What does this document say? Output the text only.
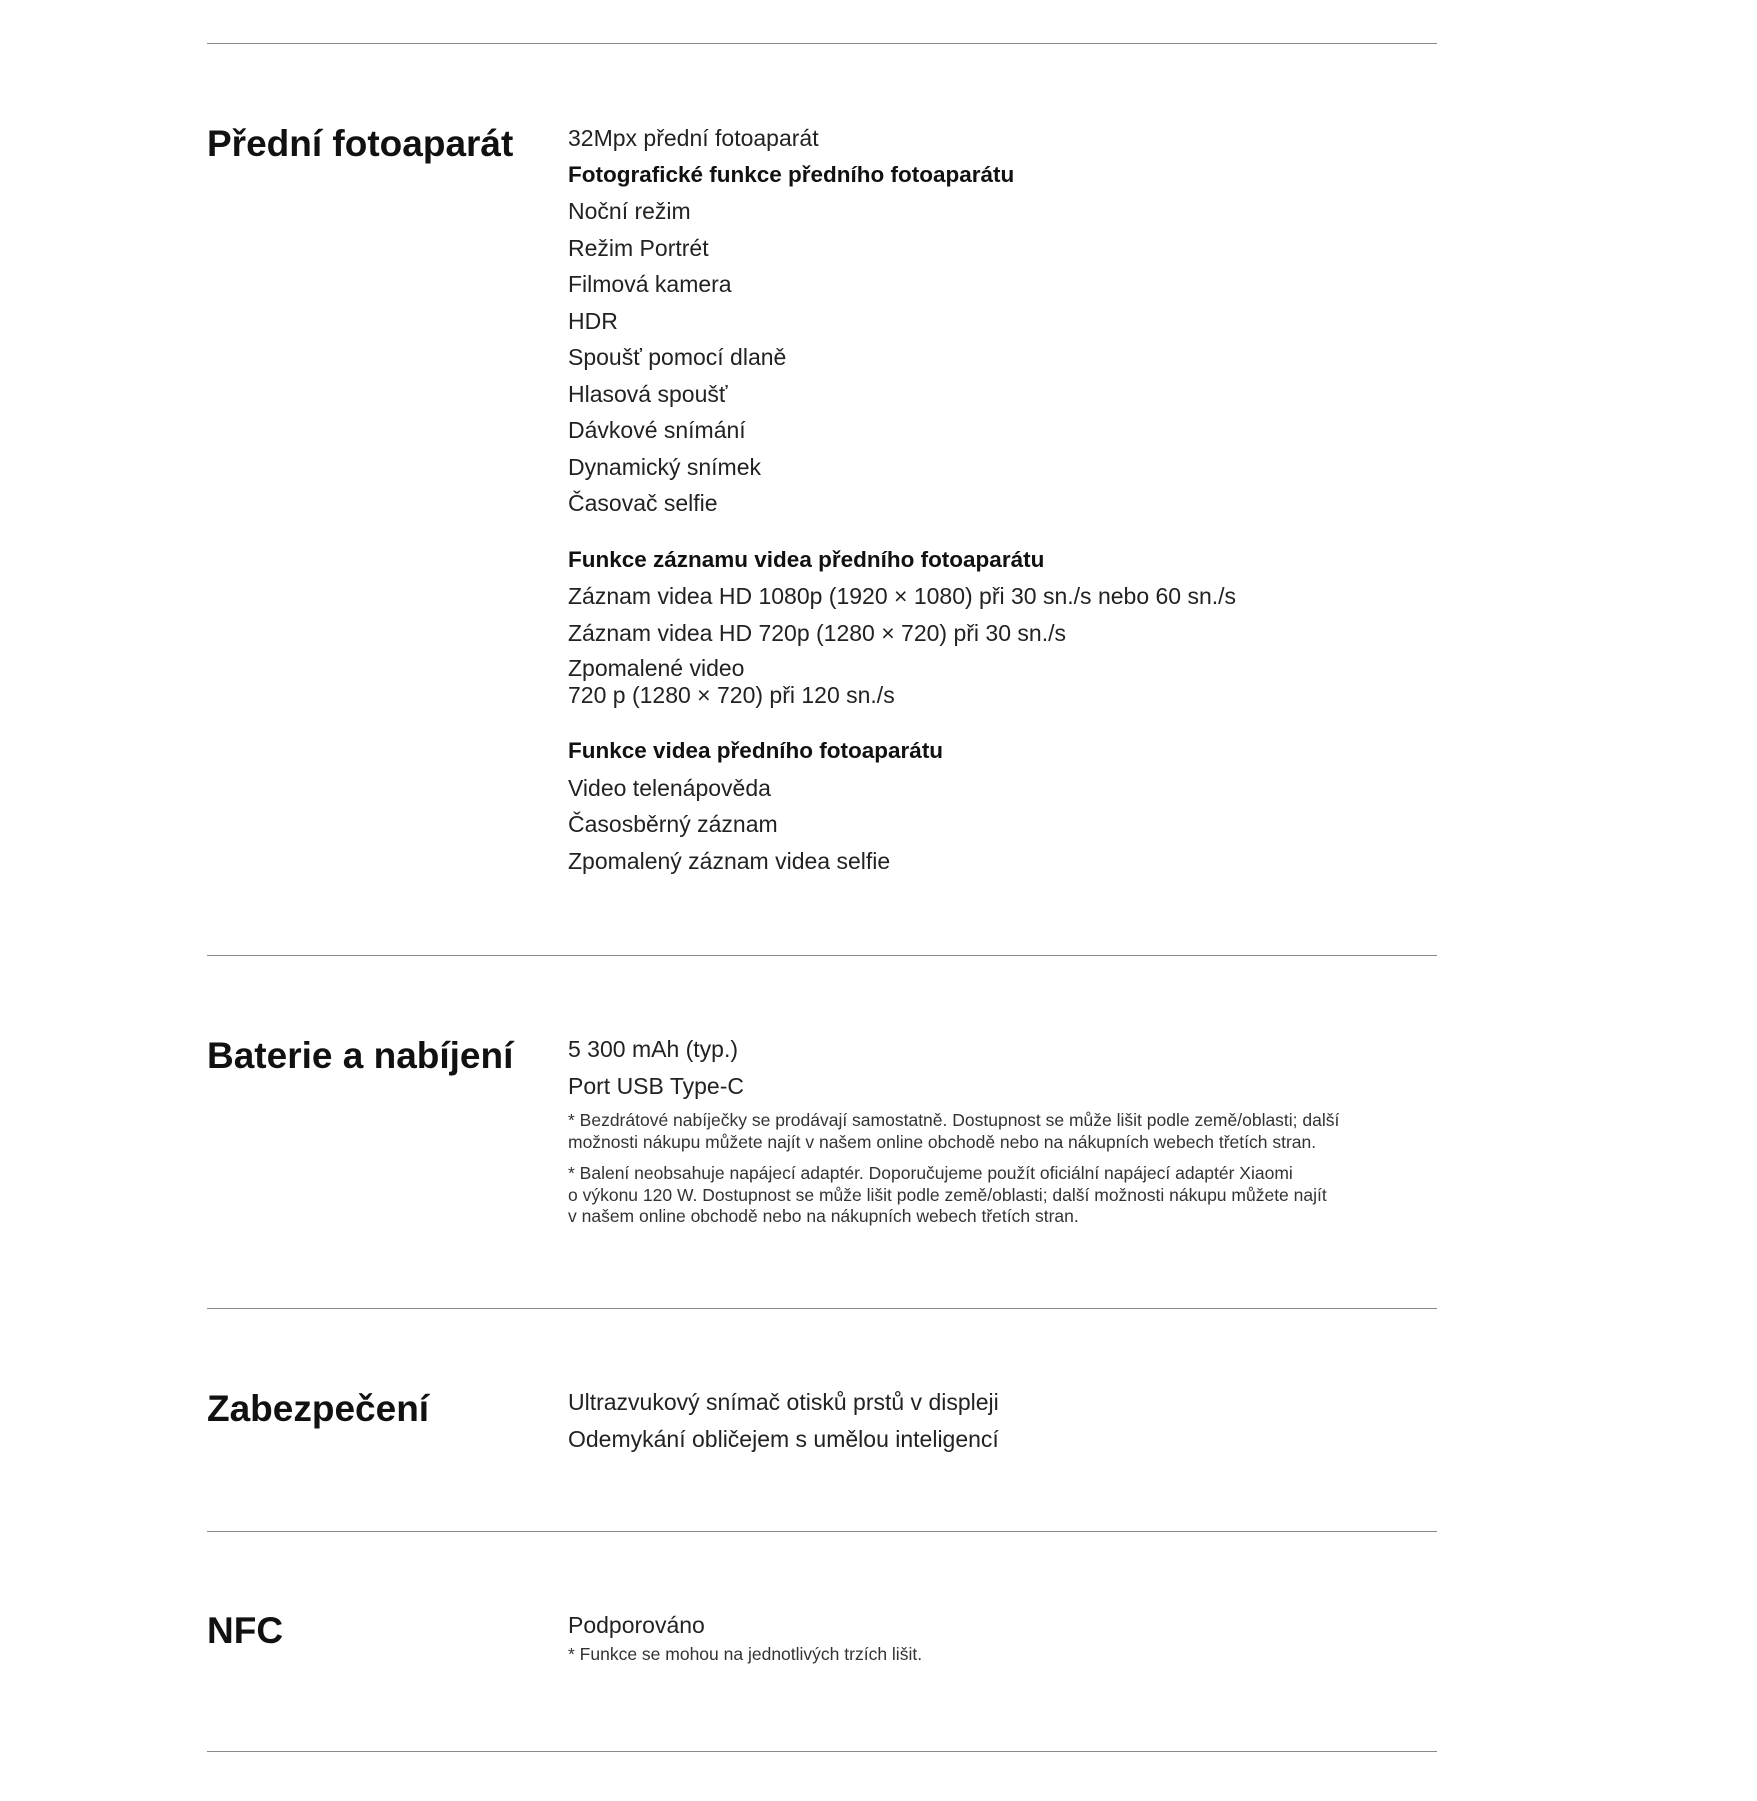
Přední fotoaparát 32Mpx přední fotoaparát
Fotografické funkce předního fotoaparátu
Noční režim
Režim Portrét
Filmová kamera
HDR
Spoušť pomocí dlaně
Hlasová spoušť
Dávkové snímání
Dynamický snímek
Časovač selfie
Funkce záznamu videa předního fotoaparátu
Záznam videa HD 1080p (1920 × 1080) při 30 sn./s nebo 60 sn./s
Záznam videa HD 720p (1280 × 720) při 30 sn./s
Zpomalené video
720 p (1280 × 720) při 120 sn./s
Funkce videa předního fotoaparátu
Video telenápověda
Časosběrný záznam
Zpomalený záznam videa selfie
Baterie a nabíjení 5 300 mAh (typ.)
Port USB Type-C
* Bezdrátové nabíječky se prodávají samostatně. Dostupnost se může lišit podle země/oblasti; další
možnosti nákupu můžete najít v našem online obchodě nebo na nákupních webech třetích stran.
* Balení neobsahuje napájecí adaptér. Doporučujeme použít oficiální napájecí adaptér Xiaomi
o výkonu 120 W. Dostupnost se může lišit podle země/oblasti; další možnosti nákupu můžete najít
v našem online obchodě nebo na nákupních webech třetích stran.
Zabezpečení	Ultrazvukový snímač otisků prstů v displeji
Odemykání obličejem s umělou inteligencí
NFC	Podporováno
* Funkce se mohou na jednotlivých trzích lišit.
